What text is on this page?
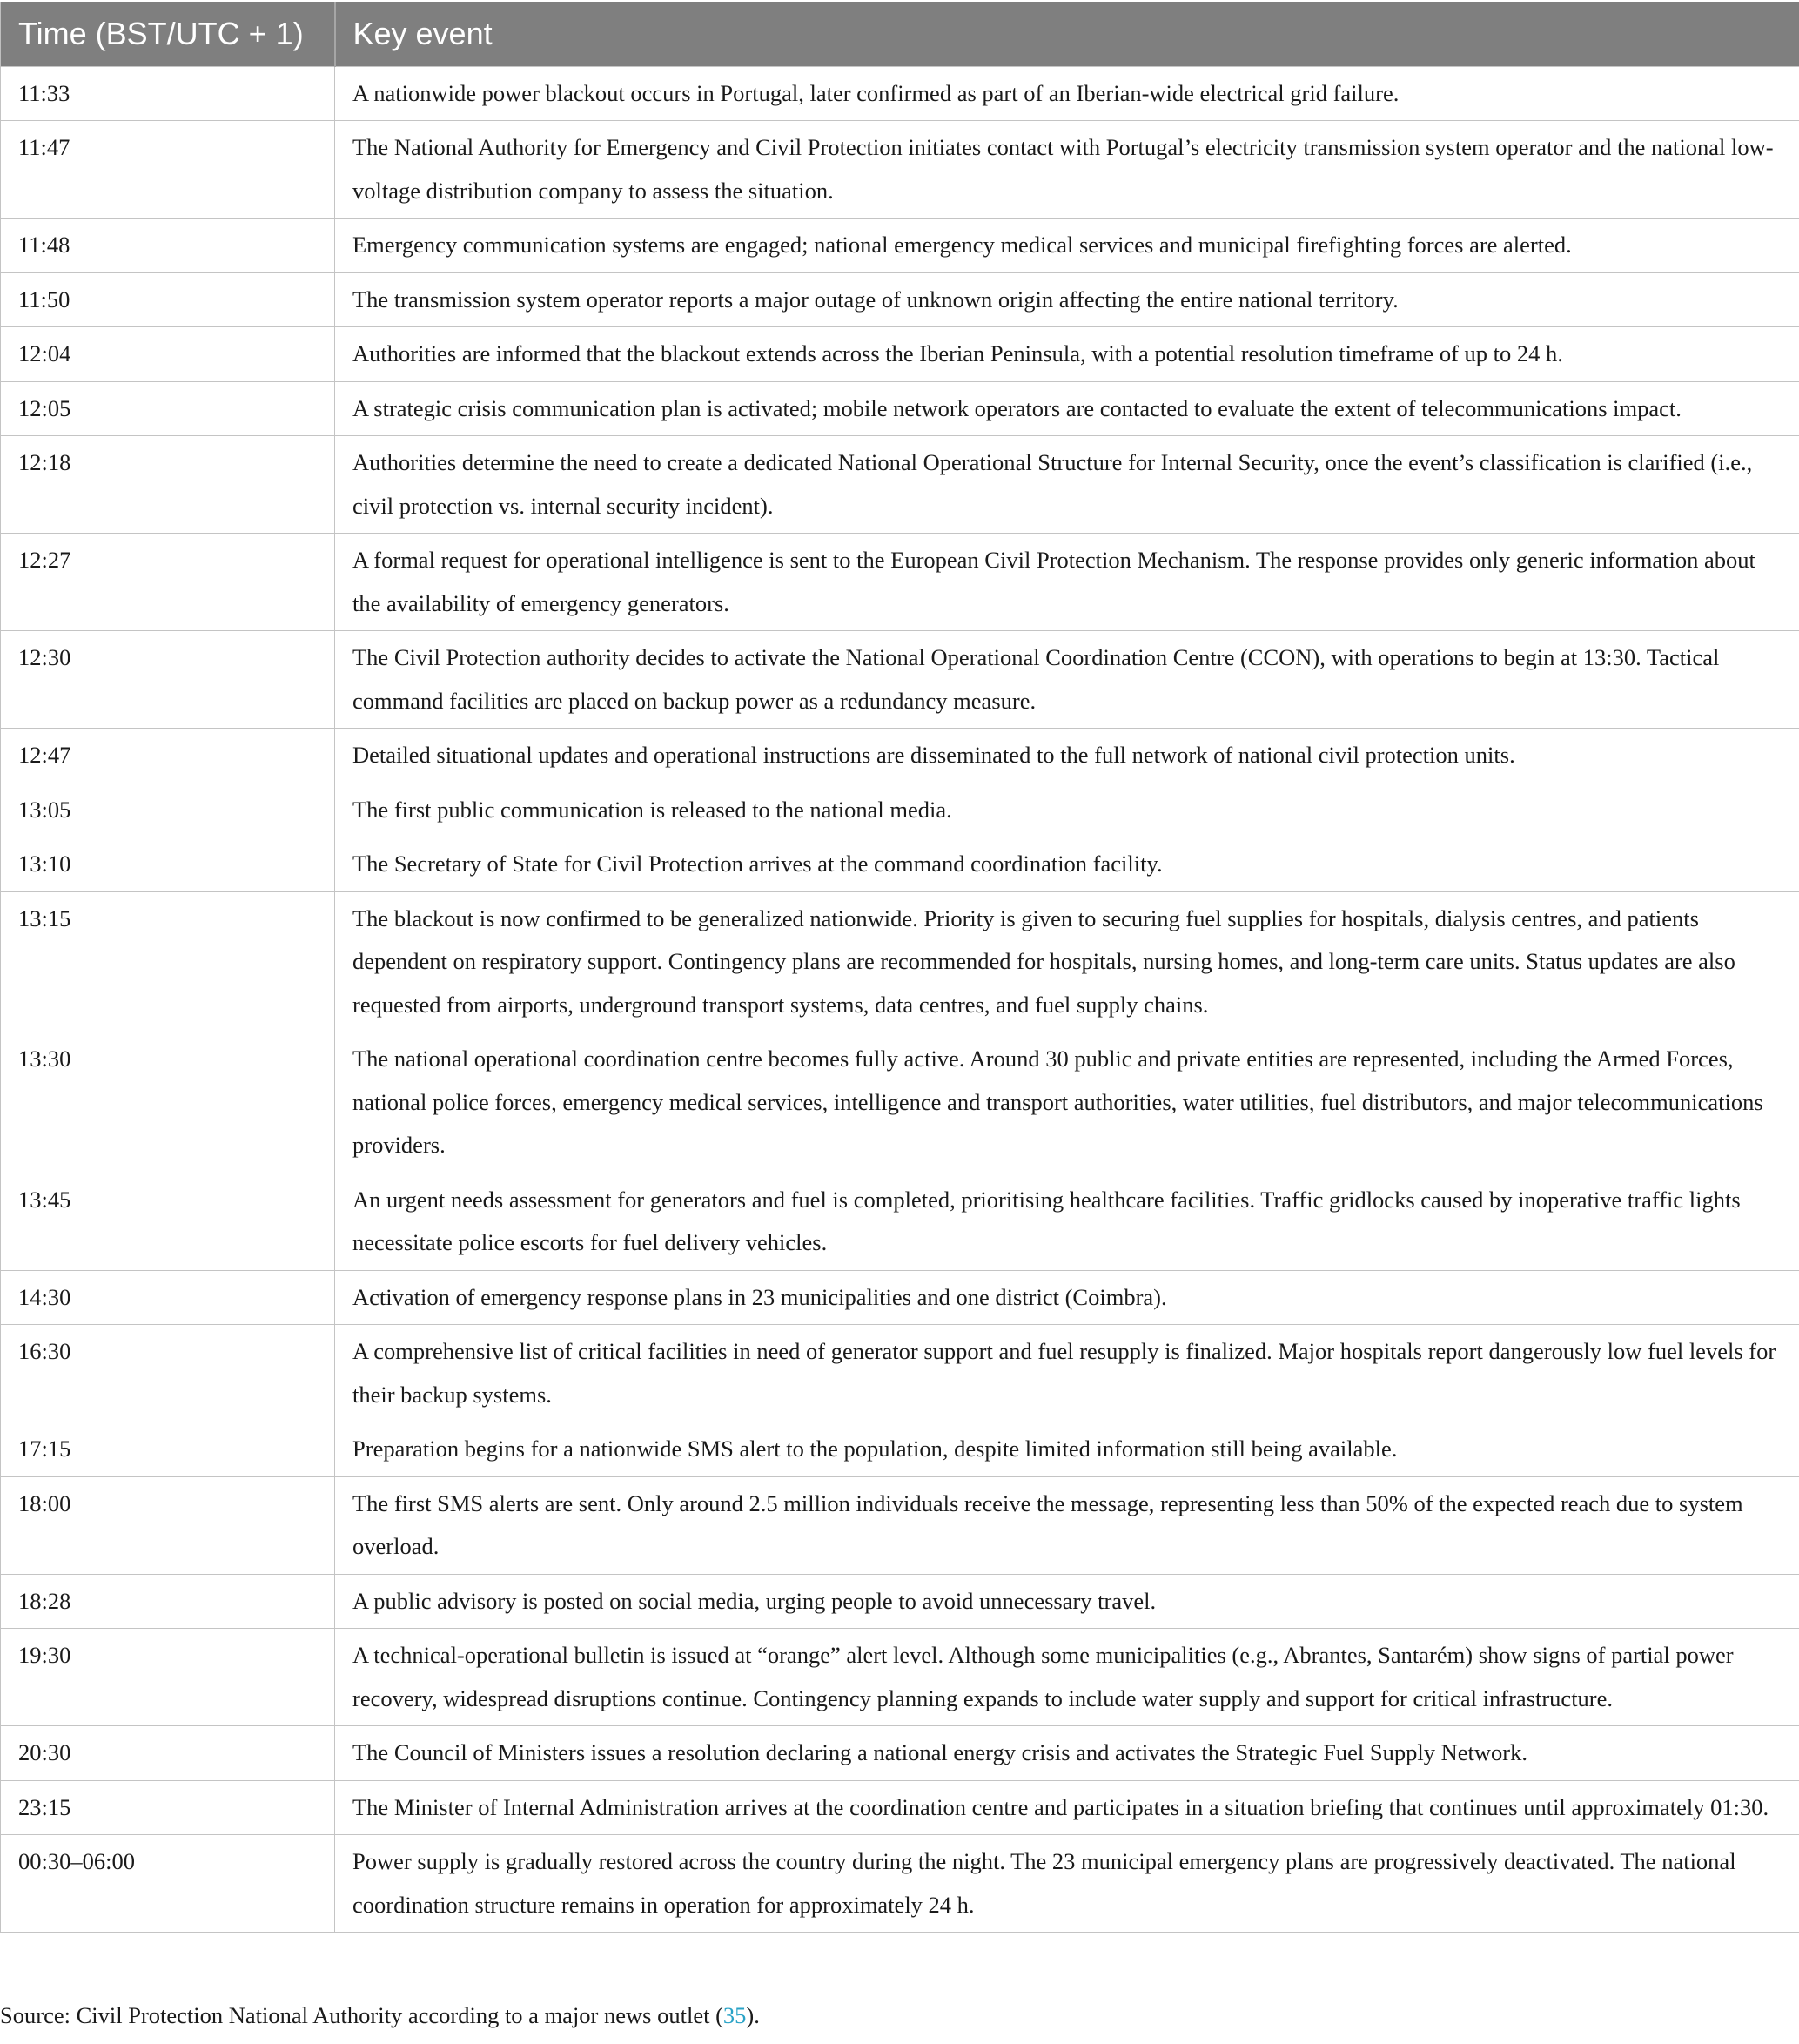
Time (BST/UTC + 1)	Key event
11:33	A nationwide power blackout occurs in Portugal, later confirmed as part of an Iberian-wide electrical grid failure.
11:47	The National Authority for Emergency and Civil Protection initiates contact with Portugal’s electricity transmission system operator and the national low-voltage distribution company to assess the situation.
11:48	Emergency communication systems are engaged; national emergency medical services and municipal firefighting forces are alerted.
11:50	The transmission system operator reports a major outage of unknown origin affecting the entire national territory.
12:04	Authorities are informed that the blackout extends across the Iberian Peninsula, with a potential resolution timeframe of up to 24 h.
12:05	A strategic crisis communication plan is activated; mobile network operators are contacted to evaluate the extent of telecommunications impact.
12:18	Authorities determine the need to create a dedicated National Operational Structure for Internal Security, once the event’s classification is clarified (i.e., civil protection vs. internal security incident).
12:27	A formal request for operational intelligence is sent to the European Civil Protection Mechanism. The response provides only generic information about the availability of emergency generators.
12:30	The Civil Protection authority decides to activate the National Operational Coordination Centre (CCON), with operations to begin at 13:30. Tactical command facilities are placed on backup power as a redundancy measure.
12:47	Detailed situational updates and operational instructions are disseminated to the full network of national civil protection units.
13:05	The first public communication is released to the national media.
13:10	The Secretary of State for Civil Protection arrives at the command coordination facility.
13:15	The blackout is now confirmed to be generalized nationwide. Priority is given to securing fuel supplies for hospitals, dialysis centres, and patients dependent on respiratory support. Contingency plans are recommended for hospitals, nursing homes, and long-term care units. Status updates are also requested from airports, underground transport systems, data centres, and fuel supply chains.
13:30	The national operational coordination centre becomes fully active. Around 30 public and private entities are represented, including the Armed Forces, national police forces, emergency medical services, intelligence and transport authorities, water utilities, fuel distributors, and major telecommunications providers.
13:45	An urgent needs assessment for generators and fuel is completed, prioritising healthcare facilities. Traffic gridlocks caused by inoperative traffic lights necessitate police escorts for fuel delivery vehicles.
14:30	Activation of emergency response plans in 23 municipalities and one district (Coimbra).
16:30	A comprehensive list of critical facilities in need of generator support and fuel resupply is finalized. Major hospitals report dangerously low fuel levels for their backup systems.
17:15	Preparation begins for a nationwide SMS alert to the population, despite limited information still being available.
18:00	The first SMS alerts are sent. Only around 2.5 million individuals receive the message, representing less than 50% of the expected reach due to system overload.
18:28	A public advisory is posted on social media, urging people to avoid unnecessary travel.
19:30	A technical-operational bulletin is issued at “orange” alert level. Although some municipalities (e.g., Abrantes, Santarém) show signs of partial power recovery, widespread disruptions continue. Contingency planning expands to include water supply and support for critical infrastructure.
20:30	The Council of Ministers issues a resolution declaring a national energy crisis and activates the Strategic Fuel Supply Network.
23:15	The Minister of Internal Administration arrives at the coordination centre and participates in a situation briefing that continues until approximately 01:30.
00:30–06:00	Power supply is gradually restored across the country during the night. The 23 municipal emergency plans are progressively deactivated. The national coordination structure remains in operation for approximately 24 h.
Source: Civil Protection National Authority according to a major news outlet (35).
